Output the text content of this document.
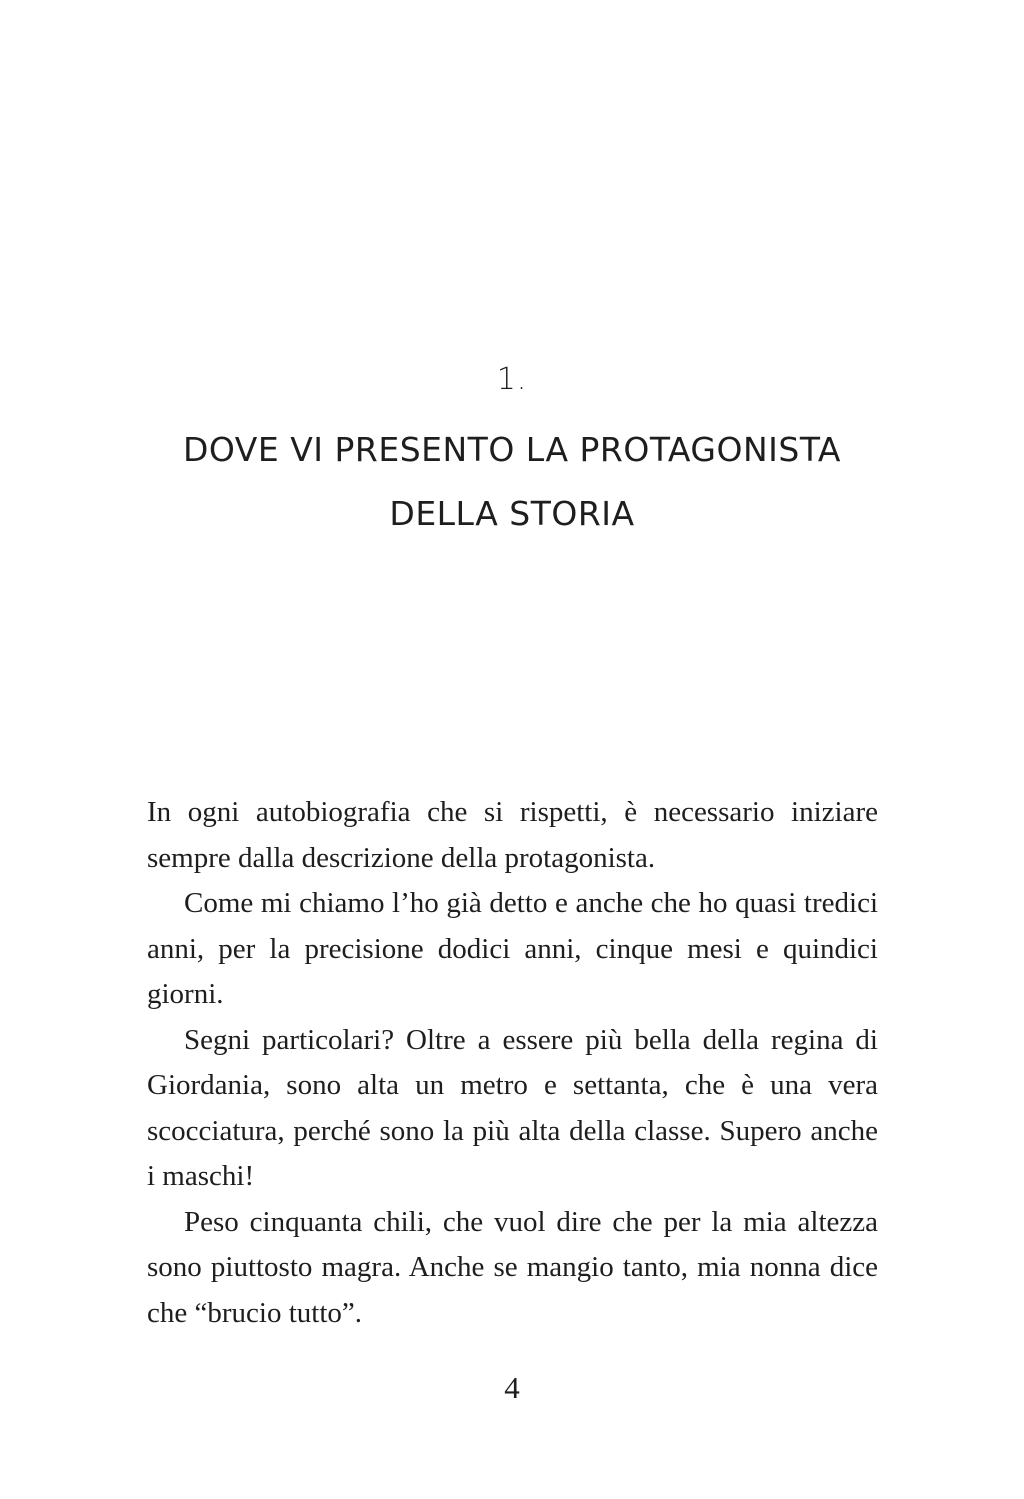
1.
DOVE VI PRESENTO LA PROTAGONISTA
DELLA STORIA

In ogni autobiografia che si rispetti, è necessario iniziare sempre dalla descrizione della protagonista.

Come mi chiamo l’ho già detto e anche che ho quasi tredici anni, per la precisione dodici anni, cinque mesi e quindici giorni.

Segni particolari? Oltre a essere più bella della regina di Giordania, sono alta un metro e settanta, che è una vera scocciatura, perché sono la più alta della classe. Supero anche i maschi!

Peso cinquanta chili, che vuol dire che per la mia altezza sono piuttosto magra. Anche se mangio tanto, mia nonna dice che “brucio tutto”.

4
